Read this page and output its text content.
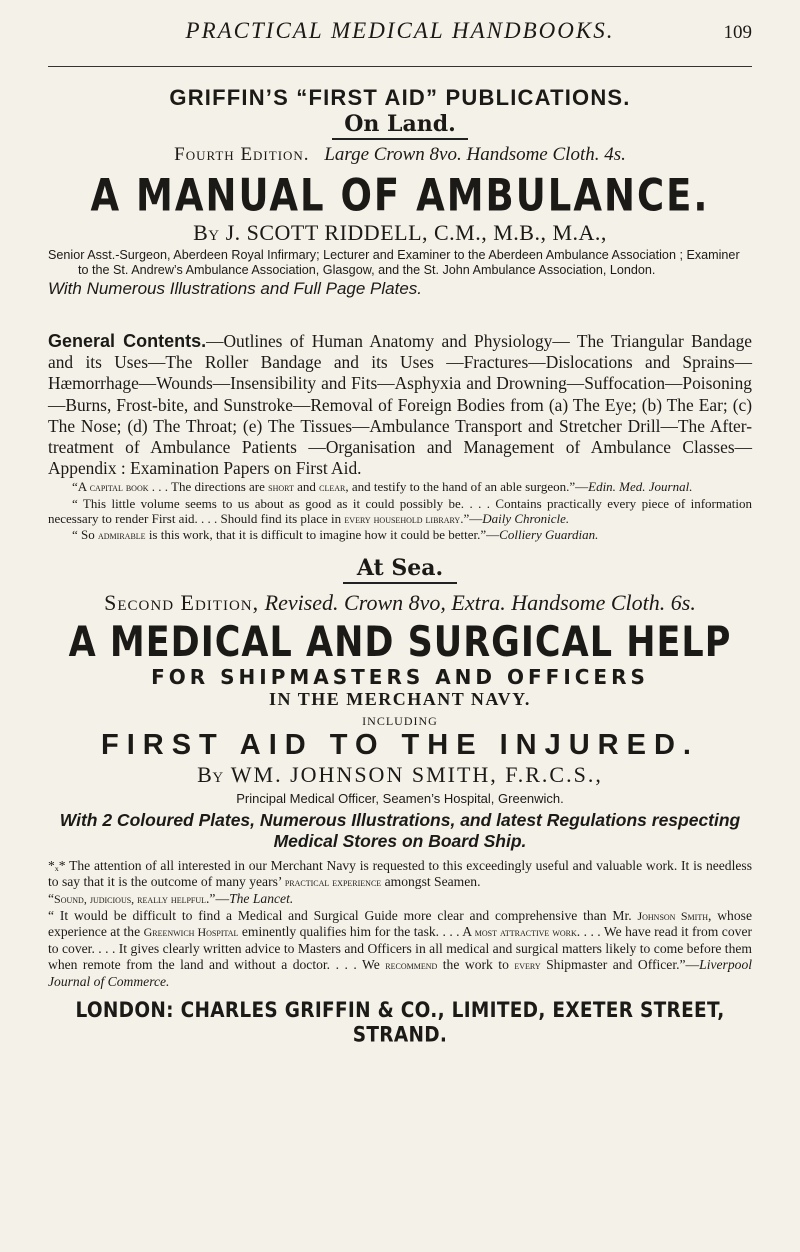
PRACTICAL MEDICAL HANDBOOKS.	109
GRIFFIN’S “FIRST AID” PUBLICATIONS.
On Land.
Fourth Edition. Large Crown 8vo. Handsome Cloth. 4s.
A MANUAL OF AMBULANCE.
By J. SCOTT RIDDELL, C.M., M.B., M.A.,
Senior Asst.-Surgeon, Aberdeen Royal Infirmary; Lecturer and Examiner to the Aberdeen Ambulance Association ; Examiner to the St. Andrew’s Ambulance Association, Glasgow, and the St. John Ambulance Association, London.
With Numerous Illustrations and Full Page Plates.
General Contents.—Outlines of Human Anatomy and Physiology— The Triangular Bandage and its Uses—The Roller Bandage and its Uses —Fractures—Dislocations and Sprains—Hæmorrhage—Wounds—Insensibility and Fits—Asphyxia and Drowning—Suffocation—Poisoning—Burns, Frost-bite, and Sunstroke—Removal of Foreign Bodies from (a) The Eye; (b) The Ear; (c) The Nose; (d) The Throat; (e) The Tissues—Ambulance Transport and Stretcher Drill—The After-treatment of Ambulance Patients —Organisation and Management of Ambulance Classes—Appendix : Examination Papers on First Aid.
“A capital book . . . The directions are short and clear, and testify to the hand of an able surgeon.”—Edin. Med. Journal.
“ This little volume seems to us about as good as it could possibly be. . . . Contains practically every piece of information necessary to render First aid. . . . Should find its place in every household library.”—Daily Chronicle.
“ So admirable is this work, that it is difficult to imagine how it could be better.”—Colliery Guardian.
At Sea.
Second Edition, Revised. Crown 8vo, Extra. Handsome Cloth. 6s.
A MEDICAL AND SURGICAL HELP
FOR SHIPMASTERS AND OFFICERS
IN THE MERCHANT NAVY.
INCLUDING
FIRST AID TO THE INJURED.
By WM. JOHNSON SMITH, F.R.C.S.,
Principal Medical Officer, Seamen’s Hospital, Greenwich.
With 2 Coloured Plates, Numerous Illustrations, and latest Regulations respecting Medical Stores on Board Ship.
*ₓ* The attention of all interested in our Merchant Navy is requested to this exceedingly useful and valuable work. It is needless to say that it is the outcome of many years’ practical experience amongst Seamen.
“Sound, judicious, really helpful.”—The Lancet.
“ It would be difficult to find a Medical and Surgical Guide more clear and comprehensive than Mr. Johnson Smith, whose experience at the Greenwich Hospital eminently qualifies him for the task. . . . A most attractive work. . . . We have read it from cover to cover. . . . It gives clearly written advice to Masters and Officers in all medical and surgical matters likely to come before them when remote from the land and without a doctor. . . . We recommend the work to every Shipmaster and Officer.”—Liverpool Journal of Commerce.
LONDON: CHARLES GRIFFIN & CO., LIMITED, EXETER STREET, STRAND.
